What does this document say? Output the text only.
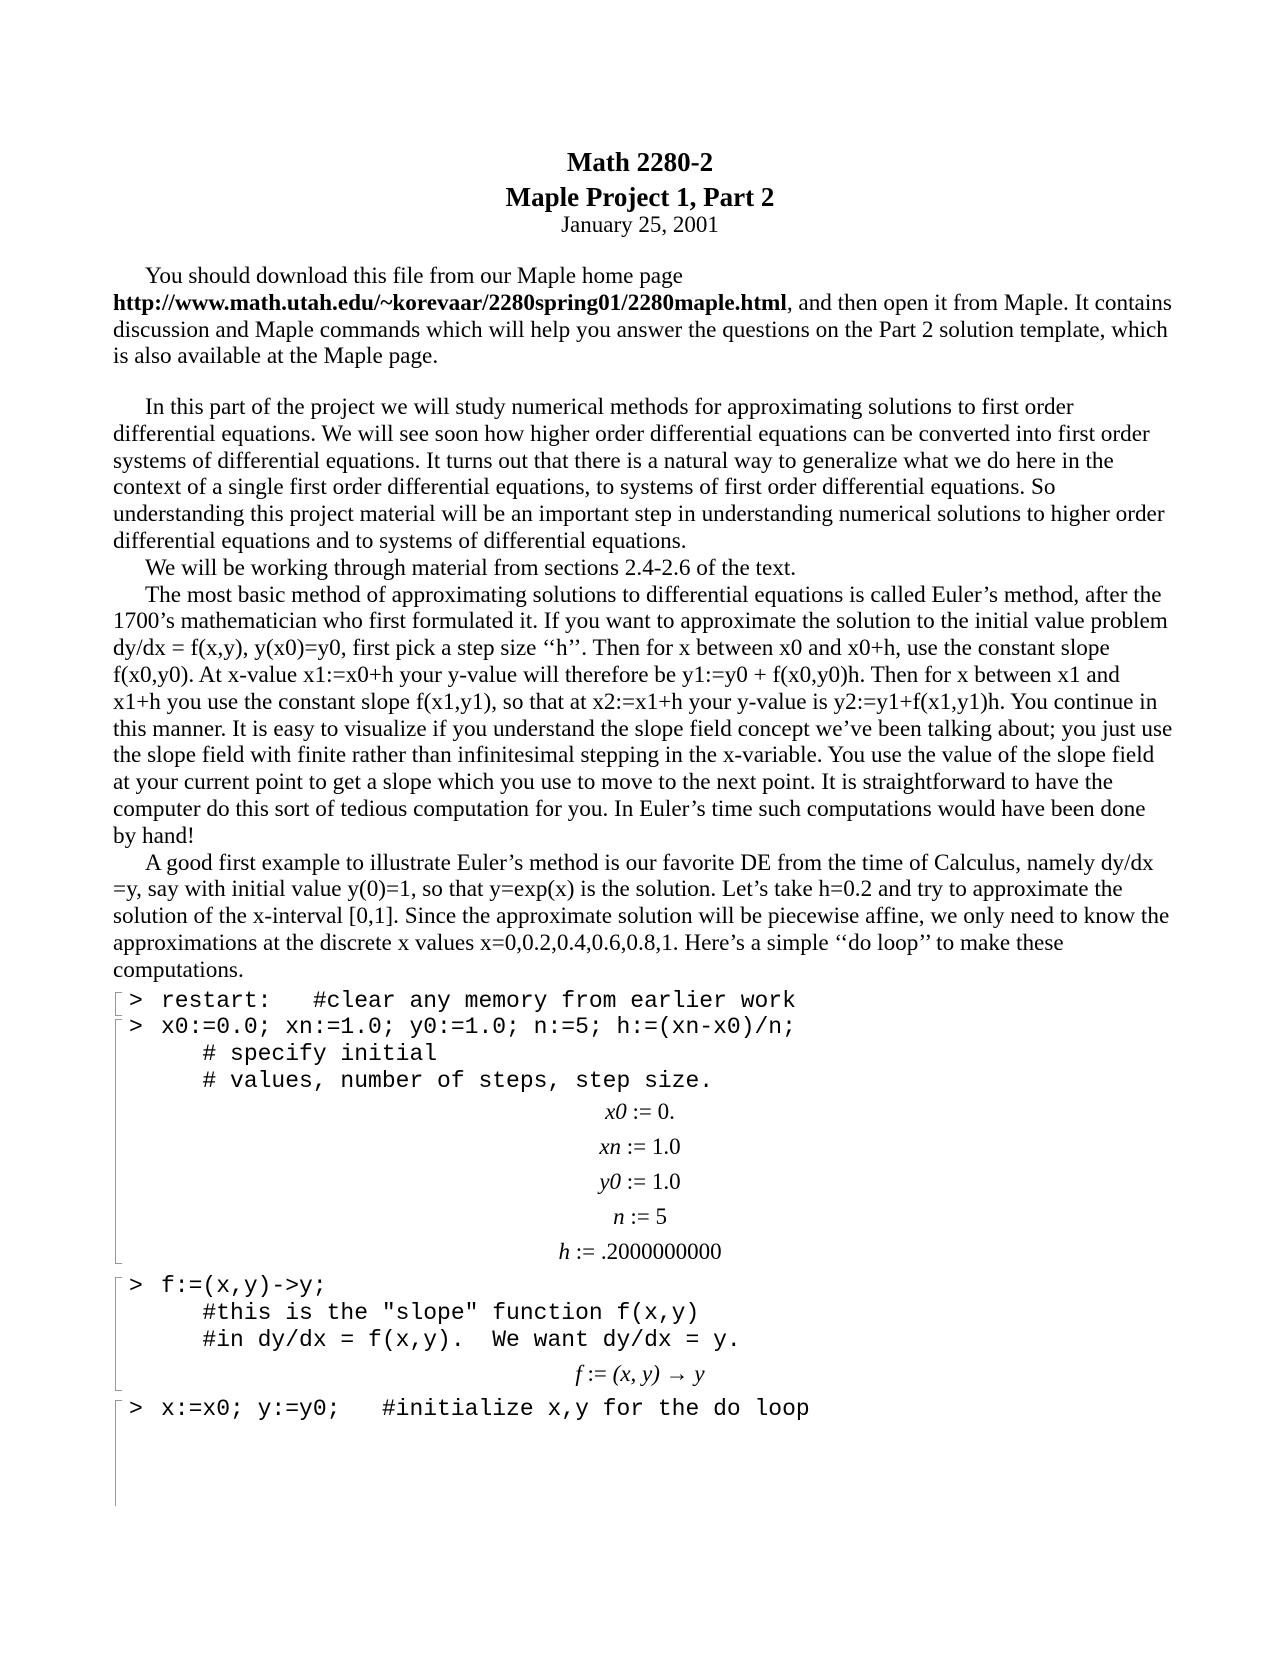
Math 2280-2
Maple Project 1, Part 2
January 25, 2001
You should download this file from our Maple home page
http://www.math.utah.edu/~korevaar/2280spring01/2280maple.html, and then open it from Maple. It contains discussion and Maple commands which will help you answer the questions on the Part 2 solution template, which is also available at the Maple page.
In this part of the project we will study numerical methods for approximating solutions to first order differential equations. We will see soon how higher order differential equations can be converted into first order systems of differential equations. It turns out that there is a natural way to generalize what we do here in the context of a single first order differential equations, to systems of first order differential equations. So understanding this project material will be an important step in understanding numerical solutions to higher order differential equations and to systems of differential equations.
We will be working through material from sections 2.4-2.6 of the text.
The most basic method of approximating solutions to differential equations is called Euler’s method, after the 1700’s mathematician who first formulated it. If you want to approximate the solution to the initial value problem dy/dx = f(x,y), y(x0)=y0, first pick a step size ‘‘h’’. Then for x between x0 and x0+h, use the constant slope f(x0,y0). At x-value x1:=x0+h your y-value will therefore be y1:=y0 + f(x0,y0)h. Then for x between x1 and x1+h you use the constant slope f(x1,y1), so that at x2:=x1+h your y-value is y2:=y1+f(x1,y1)h. You continue in this manner. It is easy to visualize if you understand the slope field concept we’ve been talking about; you just use the slope field with finite rather than infinitesimal stepping in the x-variable. You use the value of the slope field at your current point to get a slope which you use to move to the next point. It is straightforward to have the computer do this sort of tedious computation for you. In Euler’s time such computations would have been done by hand!
A good first example to illustrate Euler’s method is our favorite DE from the time of Calculus, namely dy/dx =y, say with initial value y(0)=1, so that y=exp(x) is the solution. Let’s take h=0.2 and try to approximate the solution of the x-interval [0,1]. Since the approximate solution will be piecewise affine, we only need to know the approximations at the discrete x values x=0,0.2,0.4,0.6,0.8,1. Here’s a simple ‘‘do loop’’ to make these computations.
> restart:   #clear any memory from earlier work
> x0:=0.0; xn:=1.0; y0:=1.0; n:=5; h:=(xn-x0)/n;
# specify initial
# values, number of steps, step size.
x0 := 0.
xn := 1.0
y0 := 1.0
n := 5
h := .2000000000
> f:=(x,y)->y;
#this is the "slope" function f(x,y)
#in dy/dx = f(x,y).  We want dy/dx = y.
f := (x, y) → y
> x:=x0; y:=y0;   #initialize x,y for the do loop
